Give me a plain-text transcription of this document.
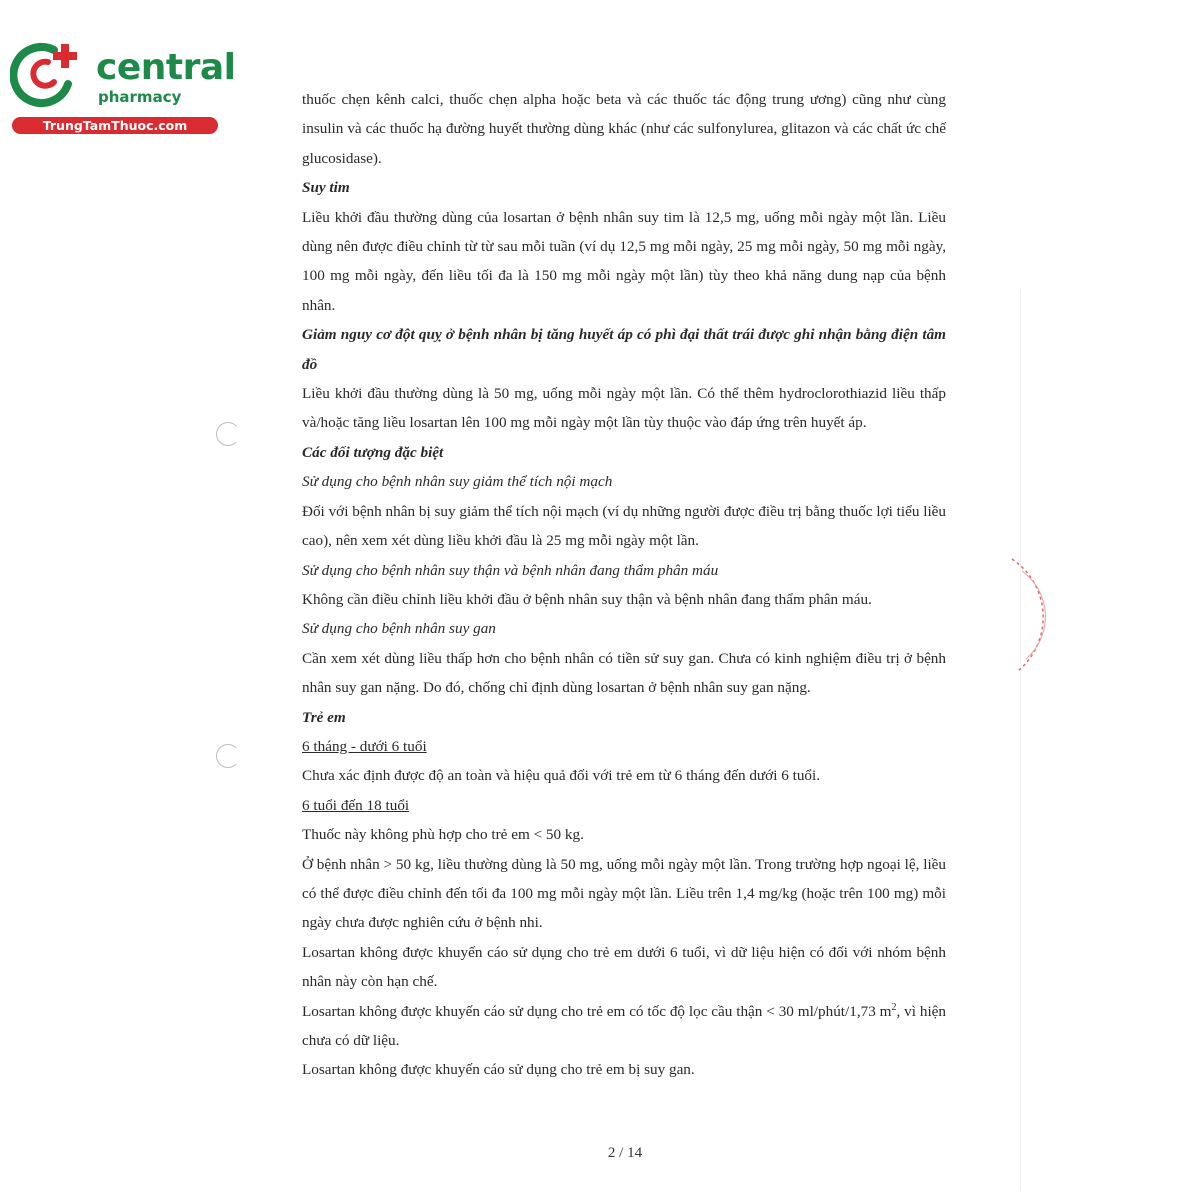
central
pharmacy
TrungTamThuoc.com

thuốc chẹn kênh calci, thuốc chẹn alpha hoặc beta và các thuốc tác động trung ương) cũng như cùng insulin và các thuốc hạ đường huyết thường dùng khác (như các sulfonylurea, glitazon và các chất ức chế glucosidase).

Suy tim

Liều khởi đầu thường dùng của losartan ở bệnh nhân suy tim là 12,5 mg, uống mỗi ngày một lần. Liều dùng nên được điều chỉnh từ từ sau mỗi tuần (ví dụ 12,5 mg mỗi ngày, 25 mg mỗi ngày, 50 mg mỗi ngày, 100 mg mỗi ngày, đến liều tối đa là 150 mg mỗi ngày một lần) tùy theo khả năng dung nạp của bệnh nhân.

Giảm nguy cơ đột quỵ ở bệnh nhân bị tăng huyết áp có phì đại thất trái được ghi nhận bằng điện tâm đồ

Liều khởi đầu thường dùng là 50 mg, uống mỗi ngày một lần. Có thể thêm hydroclorothiazid liều thấp và/hoặc tăng liều losartan lên 100 mg mỗi ngày một lần tùy thuộc vào đáp ứng trên huyết áp.

Các đối tượng đặc biệt

Sử dụng cho bệnh nhân suy giảm thể tích nội mạch

Đối với bệnh nhân bị suy giảm thể tích nội mạch (ví dụ những người được điều trị bằng thuốc lợi tiểu liều cao), nên xem xét dùng liều khởi đầu là 25 mg mỗi ngày một lần.

Sử dụng cho bệnh nhân suy thận và bệnh nhân đang thẩm phân máu

Không cần điều chỉnh liều khởi đầu ở bệnh nhân suy thận và bệnh nhân đang thẩm phân máu.

Sử dụng cho bệnh nhân suy gan

Cần xem xét dùng liều thấp hơn cho bệnh nhân có tiền sử suy gan. Chưa có kinh nghiệm điều trị ở bệnh nhân suy gan nặng. Do đó, chống chỉ định dùng losartan ở bệnh nhân suy gan nặng.

Trẻ em

6 tháng - dưới 6 tuổi

Chưa xác định được độ an toàn và hiệu quả đối với trẻ em từ 6 tháng đến dưới 6 tuổi.

6 tuổi đến 18 tuổi

Thuốc này không phù hợp cho trẻ em < 50 kg.

Ở bệnh nhân > 50 kg, liều thường dùng là 50 mg, uống mỗi ngày một lần. Trong trường hợp ngoại lệ, liều có thể được điều chỉnh đến tối đa 100 mg mỗi ngày một lần. Liều trên 1,4 mg/kg (hoặc trên 100 mg) mỗi ngày chưa được nghiên cứu ở bệnh nhi.

Losartan không được khuyến cáo sử dụng cho trẻ em dưới 6 tuổi, vì dữ liệu hiện có đối với nhóm bệnh nhân này còn hạn chế.

Losartan không được khuyến cáo sử dụng cho trẻ em có tốc độ lọc cầu thận < 30 ml/phút/1,73 $m^2$, vì hiện chưa có dữ liệu.

Losartan không được khuyến cáo sử dụng cho trẻ em bị suy gan.

2 / 14
